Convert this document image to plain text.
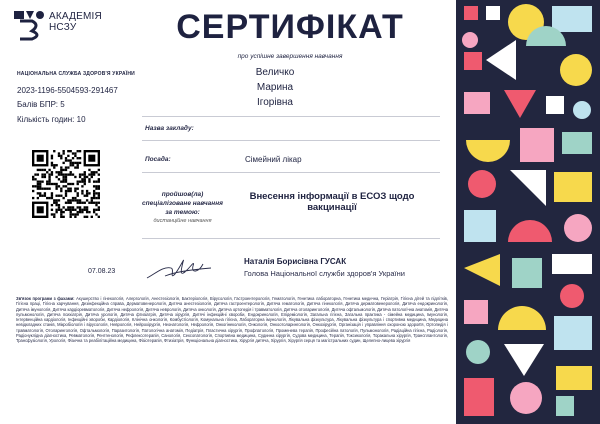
АКАДЕМІЯ
НСЗУ	СЕРТИФІКАТ
про успішне завершення навчання
НАЦІОНАЛЬНА СЛУЖБА ЗДОРОВ'Я УКРАЇНИ
2023-1196-5504593-291467
Балів БПР: 5
Кількість годин: 10
Величко
Марина
Ігорівна
Назва закладу:
Посада:	Сімейний лікар
пройшов(ла) спеціалізоване навчання за темою:
Внесення інформації в ЕСОЗ щодо вакцинації
дистанційне навчання
07.08.23
Наталія Борисівна ГУСАК
Голова Національної служби здоров'я України
Зв'язок програми з фахами: Акушерство і гінекологія, Алергологія, Анестезіологія, Бактеріологія, Вірусологія, Гастроентерологія, Гематологія, Генетика лабораторна, Генетика медична, Геріатрія, Гігієна дітей та підлітків, Гігієна праці, Гігієна харчування, Дезінфекційна справа, Дерматовенерологія, Дитяча анестезіологія, Дитяча гастроентерологія, Дитяча гематологія, Дитяча гінекологія, Дитяча дерматовенерологія, Дитяча ендокринологія, Дитяча імунологія, Дитяча кардіоревматологія, Дитяча нефрологія, Дитяча неврологія, Дитяча онкологія, Дитяча ортопедія і травматологія, Дитяча отоларингологія, Дитяча офтальмологія, Дитяча патологічна анатомія, Дитяча пульмонологія, Дитяча психіатрія, Дитяча урологія, Дитяча фтизіатрія, Дитяча хірургія, Дитячі інфекційні хвороби, Ендокринологія, Епідеміологія, Загальна гігієна, Загальна практика - сімейна медицина, Імунологія, Інтервенційна кардіологія, Інфекційні хвороби, Кардіологія, Клінічна онкологія, Комбустіологія, Комунальна гігієна, Лабораторна імунологія, Лікувальна фізкультура, Лікувальна фізкультура і спортивна медицина, Медицина невідкладних станів, Мікробіологія і вірусологія, Неврологія, Нейрохірургія, Неонатологія, Нефрологія, Онкогінекологія, Онкологія, Онкоотоларингологія, Онкохірургія, Організація і управління охороною здоров'я, Ортопедія і травматологія, Отоларингологія, Офтальмологія, Паразитологія, Патологічна анатомія, Педіатрія, Пластична хірургія, Профпатологія, Променева терапія, Професійна патологія, Пульмонологія, Радіаційна гігієна, Радіологія, Радіонуклідна діагностика, Ревматологія, Рентгенологія, Рефлексотерапія, Санологія, Сексопатологія, Спортивна медицина, Судинна хірургія, Судова медицина, Терапія, Токсикологія, Торакальна хірургія, Трансплантологія, Трансфузіологія, Урологія, Фізична та реабілітаційна медицина, Фізіотерапія, Фтизіатрія, Функціональна діагностика, Хірургія дитяча, Хірургія, Хірургія серця та магістральних судин, Щелепно-лицева хірургія
